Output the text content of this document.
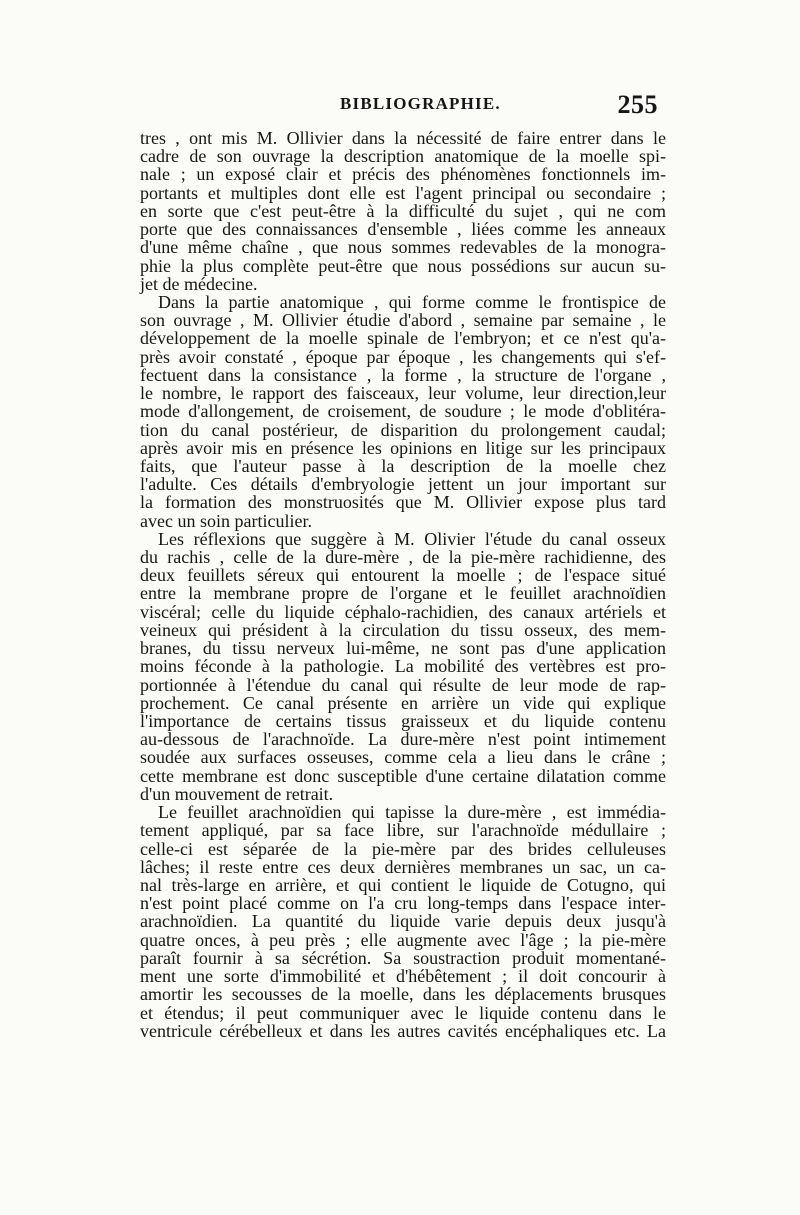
BIBLIOGRAPHIE.	255
tres , ont mis M. Ollivier dans la nécessité de faire entrer dans le
cadre de son ouvrage la description anatomique de la moelle spi-
nale ; un exposé clair et précis des phénomènes fonctionnels im-
portants et multiples dont elle est l'agent principal ou secondaire ;
en sorte que c'est peut-être à la difficulté du sujet , qui ne com
porte que des connaissances d'ensemble , liées comme les anneaux
d'une même chaîne , que nous sommes redevables de la monogra-
phie la plus complète peut-être que nous possédions sur aucun su-
jet de médecine.
Dans la partie anatomique , qui forme comme le frontispice de
son ouvrage , M. Ollivier étudie d'abord , semaine par semaine , le
développement de la moelle spinale de l'embryon; et ce n'est qu'a-
près avoir constaté , époque par époque , les changements qui s'ef-
fectuent dans la consistance , la forme , la structure de l'organe ,
le nombre, le rapport des faisceaux, leur volume, leur direction,leur
mode d'allongement, de croisement, de soudure ; le mode d'oblitéra-
tion du canal postérieur, de disparition du prolongement caudal;
après avoir mis en présence les opinions en litige sur les principaux
faits, que l'auteur passe à la description de la moelle chez
l'adulte. Ces détails d'embryologie jettent un jour important sur
la formation des monstruosités que M. Ollivier expose plus tard
avec un soin particulier.
Les réflexions que suggère à M. Olivier l'étude du canal osseux
du rachis , celle de la dure-mère , de la pie-mère rachidienne, des
deux feuillets séreux qui entourent la moelle ; de l'espace situé
entre la membrane propre de l'organe et le feuillet arachnoïdien
viscéral; celle du liquide céphalo-rachidien, des canaux artériels et
veineux qui président à la circulation du tissu osseux, des mem-
branes, du tissu nerveux lui-même, ne sont pas d'une application
moins féconde à la pathologie. La mobilité des vertèbres est pro-
portionnée à l'étendue du canal qui résulte de leur mode de rap-
prochement. Ce canal présente en arrière un vide qui explique
l'importance de certains tissus graisseux et du liquide contenu
au-dessous de l'arachnoïde. La dure-mère n'est point intimement
soudée aux surfaces osseuses, comme cela a lieu dans le crâne ;
cette membrane est donc susceptible d'une certaine dilatation comme
d'un mouvement de retrait.
Le feuillet arachnoïdien qui tapisse la dure-mère , est immédia-
tement appliqué, par sa face libre, sur l'arachnoïde médullaire ;
celle-ci est séparée de la pie-mère par des brides celluleuses
lâches; il reste entre ces deux dernières membranes un sac, un ca-
nal très-large en arrière, et qui contient le liquide de Cotugno, qui
n'est point placé comme on l'a cru long-temps dans l'espace inter-
arachnoïdien. La quantité du liquide varie depuis deux jusqu'à
quatre onces, à peu près ; elle augmente avec l'âge ; la pie-mère
paraît fournir à sa sécrétion. Sa soustraction produit momentané-
ment une sorte d'immobilité et d'hébêtement ; il doit concourir à
amortir les secousses de la moelle, dans les déplacements brusques
et étendus; il peut communiquer avec le liquide contenu dans le
ventricule cérébelleux et dans les autres cavités encéphaliques etc. La
